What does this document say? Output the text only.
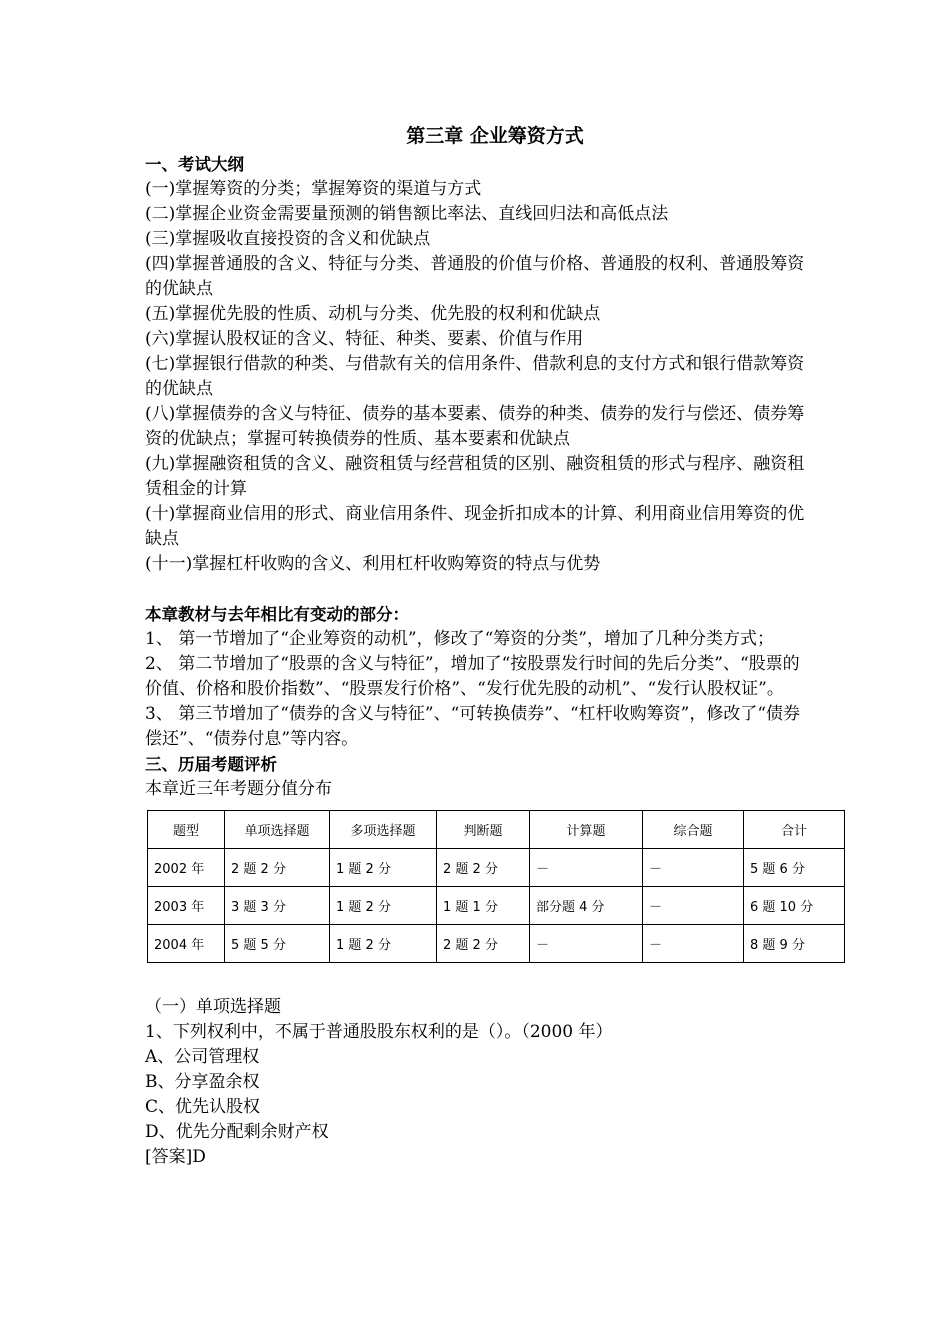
第三章 企业筹资方式
一、考试大纲
(一)掌握筹资的分类；掌握筹资的渠道与方式
(二)掌握企业资金需要量预测的销售额比率法、直线回归法和高低点法
(三)掌握吸收直接投资的含义和优缺点
(四)掌握普通股的含义、特征与分类、普通股的价值与价格、普通股的权利、普通股筹资的优缺点
(五)掌握优先股的性质、动机与分类、优先股的权利和优缺点
(六)掌握认股权证的含义、特征、种类、要素、价值与作用
(七)掌握银行借款的种类、与借款有关的信用条件、借款利息的支付方式和银行借款筹资的优缺点
(八)掌握债券的含义与特征、债券的基本要素、债券的种类、债券的发行与偿还、债券筹资的优缺点；掌握可转换债券的性质、基本要素和优缺点
(九)掌握融资租赁的含义、融资租赁与经营租赁的区别、融资租赁的形式与程序、融资租赁租金的计算
(十)掌握商业信用的形式、商业信用条件、现金折扣成本的计算、利用商业信用筹资的优缺点
(十一)掌握杠杆收购的含义、利用杠杆收购筹资的特点与优势
本章教材与去年相比有变动的部分：
1、 第一节增加了“企业筹资的动机”，修改了“筹资的分类”，增加了几种分类方式；
2、 第二节增加了“股票的含义与特征”，增加了“按股票发行时间的先后分类”、“股票的价值、价格和股价指数”、“股票发行价格”、“发行优先股的动机”、“发行认股权证”。
3、 第三节增加了“债券的含义与特征”、“可转换债券”、“杠杆收购筹资”，修改了“债券偿还”、“债券付息”等内容。
三、历届考题评析
本章近三年考题分值分布
题型	单项选择题	多项选择题	判断题	计算题	综合题	合计
2002 年	2 题 2 分	1 题 2 分	2 题 2 分	－	－	5 题 6 分
2003 年	3 题 3 分	1 题 2 分	1 题 1 分	部分题 4 分	－	6 题 10 分
2004 年	5 题 5 分	1 题 2 分	2 题 2 分	－	－	8 题 9 分
（一）单项选择题
1、下列权利中，不属于普通股股东权利的是（）。（2000 年）
A、公司管理权
B、分享盈余权
C、优先认股权
D、优先分配剩余财产权
[答案]D
